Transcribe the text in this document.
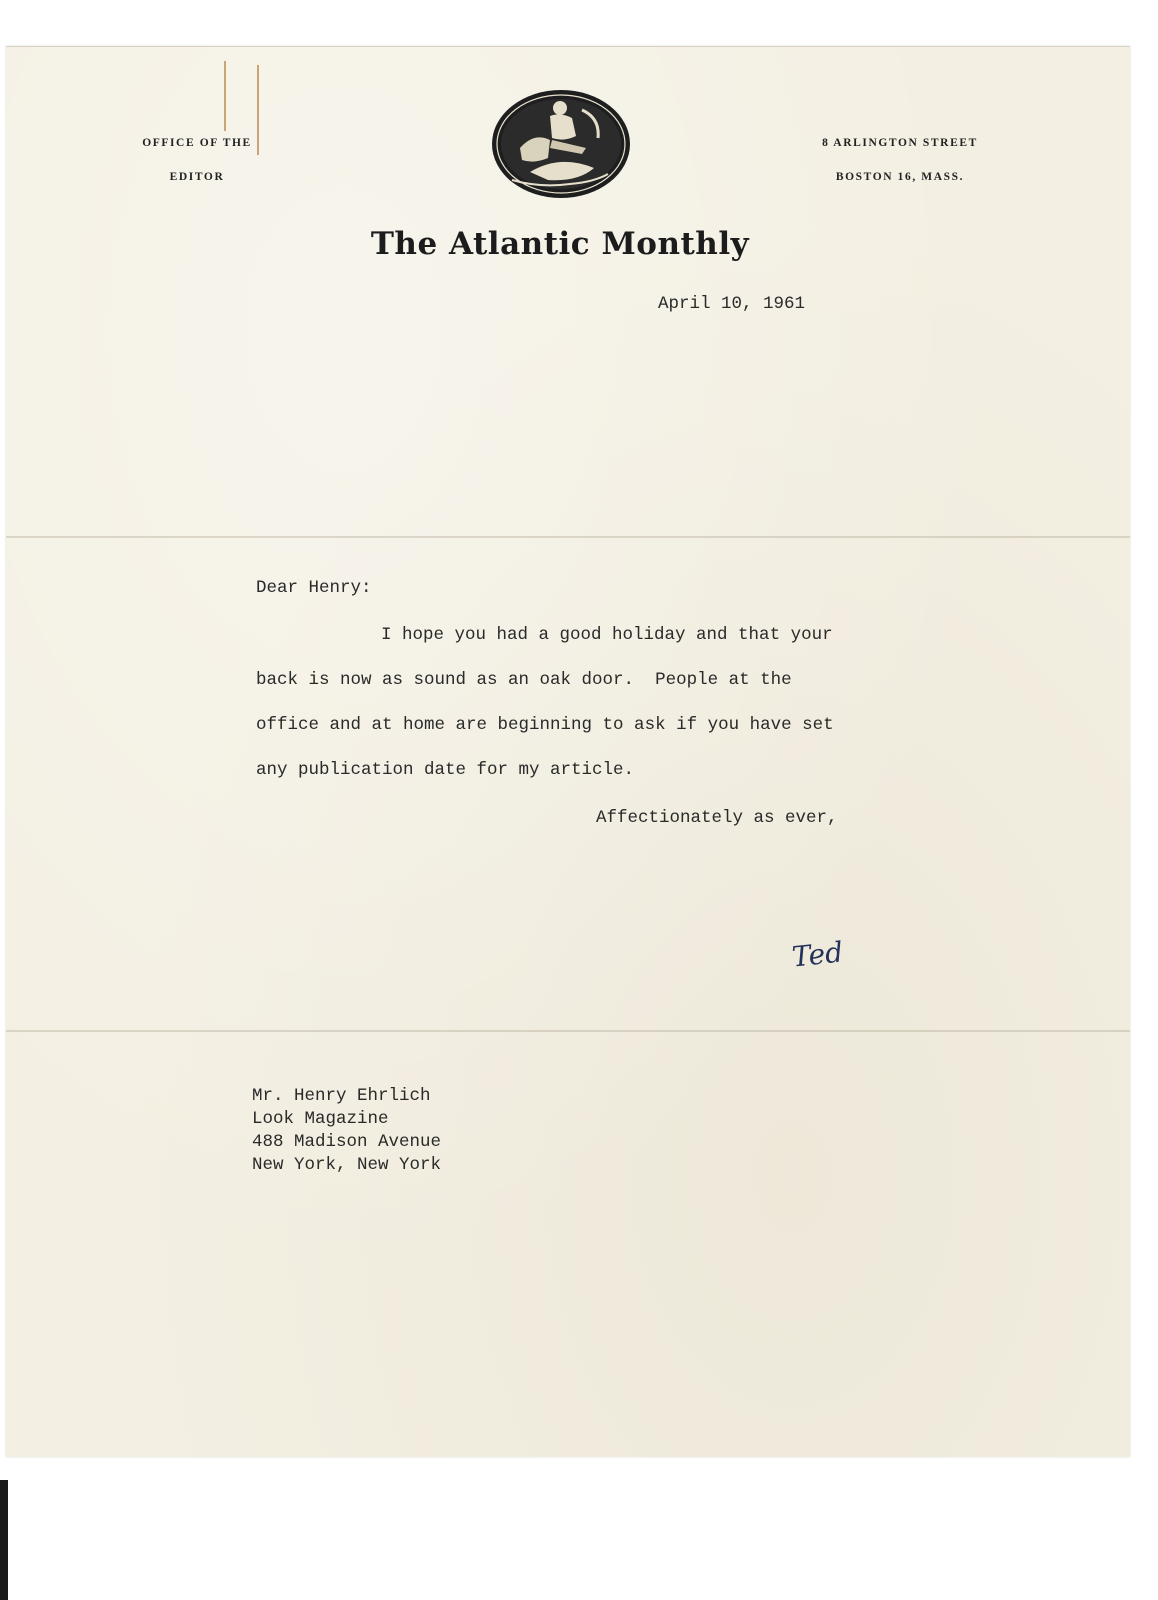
OFFICE OF THE
EDITOR
8 ARLINGTON STREET
BOSTON 16, MASS.
The Atlantic Monthly
April 10, 1961
Dear Henry:
I hope you had a good holiday and that your
back is now as sound as an oak door.  People at the
office and at home are beginning to ask if you have set
any publication date for my article.
Affectionately as ever,
Ted
Mr. Henry Ehrlich
Look Magazine
488 Madison Avenue
New York, New York
